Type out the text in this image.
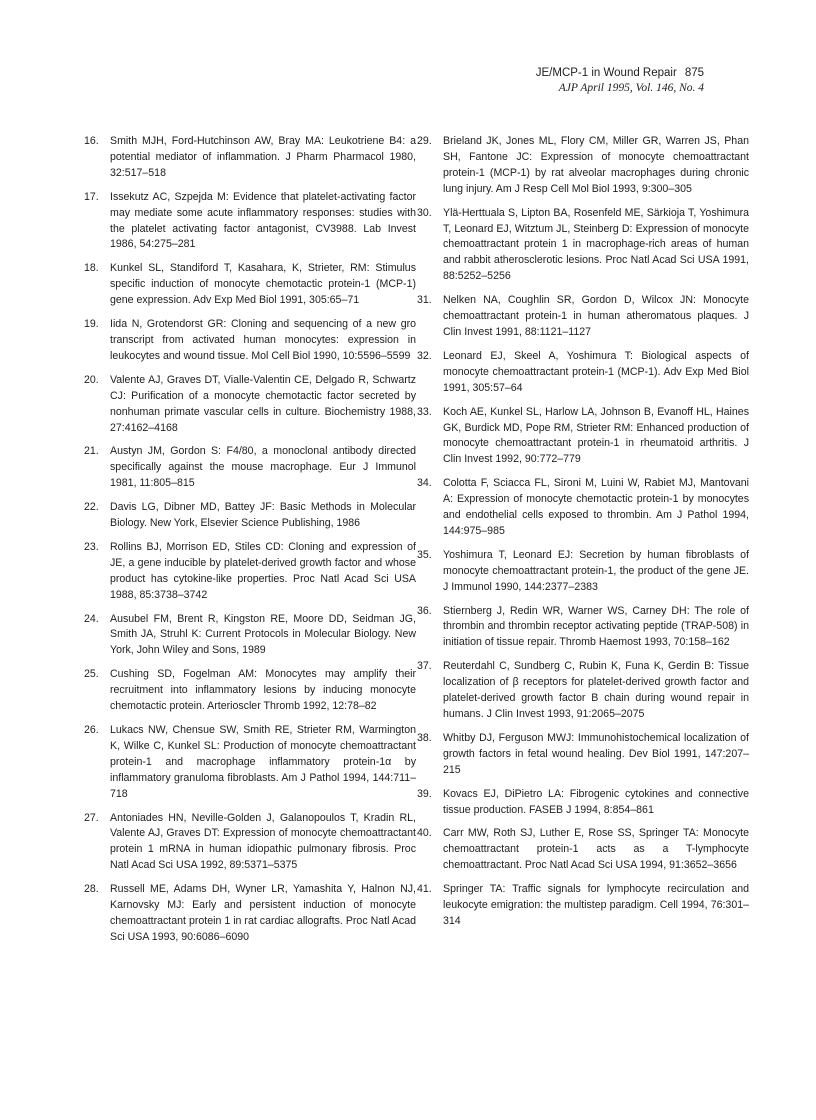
JE/MCP-1 in Wound Repair 875
AJP April 1995, Vol. 146, No. 4
16. Smith MJH, Ford-Hutchinson AW, Bray MA: Leukotriene B4: a potential mediator of inflammation. J Pharm Pharmacol 1980, 32:517–518
17. Issekutz AC, Szpejda M: Evidence that platelet-activating factor may mediate some acute inflammatory responses: studies with the platelet activating factor antagonist, CV3988. Lab Invest 1986, 54:275–281
18. Kunkel SL, Standiford T, Kasahara, K, Strieter, RM: Stimulus specific induction of monocyte chemotactic protein-1 (MCP-1) gene expression. Adv Exp Med Biol 1991, 305:65–71
19. Iida N, Grotendorst GR: Cloning and sequencing of a new gro transcript from activated human monocytes: expression in leukocytes and wound tissue. Mol Cell Biol 1990, 10:5596–5599
20. Valente AJ, Graves DT, Vialle-Valentin CE, Delgado R, Schwartz CJ: Purification of a monocyte chemotactic factor secreted by nonhuman primate vascular cells in culture. Biochemistry 1988, 27:4162–4168
21. Austyn JM, Gordon S: F4/80, a monoclonal antibody directed specifically against the mouse macrophage. Eur J Immunol 1981, 11:805–815
22. Davis LG, Dibner MD, Battey JF: Basic Methods in Molecular Biology. New York, Elsevier Science Publishing, 1986
23. Rollins BJ, Morrison ED, Stiles CD: Cloning and expression of JE, a gene inducible by platelet-derived growth factor and whose product has cytokine-like properties. Proc Natl Acad Sci USA 1988, 85:3738–3742
24. Ausubel FM, Brent R, Kingston RE, Moore DD, Seidman JG, Smith JA, Struhl K: Current Protocols in Molecular Biology. New York, John Wiley and Sons, 1989
25. Cushing SD, Fogelman AM: Monocytes may amplify their recruitment into inflammatory lesions by inducing monocyte chemotactic protein. Arterioscler Thromb 1992, 12:78–82
26. Lukacs NW, Chensue SW, Smith RE, Strieter RM, Warmington K, Wilke C, Kunkel SL: Production of monocyte chemoattractant protein-1 and macrophage inflammatory protein-1α by inflammatory granuloma fibroblasts. Am J Pathol 1994, 144:711–718
27. Antoniades HN, Neville-Golden J, Galanopoulos T, Kradin RL, Valente AJ, Graves DT: Expression of monocyte chemoattractant protein 1 mRNA in human idiopathic pulmonary fibrosis. Proc Natl Acad Sci USA 1992, 89:5371–5375
28. Russell ME, Adams DH, Wyner LR, Yamashita Y, Halnon NJ, Karnovsky MJ: Early and persistent induction of monocyte chemoattractant protein 1 in rat cardiac allografts. Proc Natl Acad Sci USA 1993, 90:6086–6090
29. Brieland JK, Jones ML, Flory CM, Miller GR, Warren JS, Phan SH, Fantone JC: Expression of monocyte chemoattractant protein-1 (MCP-1) by rat alveolar macrophages during chronic lung injury. Am J Resp Cell Mol Biol 1993, 9:300–305
30. Ylä-Herttuala S, Lipton BA, Rosenfeld ME, Särkioja T, Yoshimura T, Leonard EJ, Witztum JL, Steinberg D: Expression of monocyte chemoattractant protein 1 in macrophage-rich areas of human and rabbit atherosclerotic lesions. Proc Natl Acad Sci USA 1991, 88:5252–5256
31. Nelken NA, Coughlin SR, Gordon D, Wilcox JN: Monocyte chemoattractant protein-1 in human atheromatous plaques. J Clin Invest 1991, 88:1121–1127
32. Leonard EJ, Skeel A, Yoshimura T: Biological aspects of monocyte chemoattractant protein-1 (MCP-1). Adv Exp Med Biol 1991, 305:57–64
33. Koch AE, Kunkel SL, Harlow LA, Johnson B, Evanoff HL, Haines GK, Burdick MD, Pope RM, Strieter RM: Enhanced production of monocyte chemoattractant protein-1 in rheumatoid arthritis. J Clin Invest 1992, 90:772–779
34. Colotta F, Sciacca FL, Sironi M, Luini W, Rabiet MJ, Mantovani A: Expression of monocyte chemotactic protein-1 by monocytes and endothelial cells exposed to thrombin. Am J Pathol 1994, 144:975–985
35. Yoshimura T, Leonard EJ: Secretion by human fibroblasts of monocyte chemoattractant protein-1, the product of the gene JE. J Immunol 1990, 144:2377–2383
36. Stiernberg J, Redin WR, Warner WS, Carney DH: The role of thrombin and thrombin receptor activating peptide (TRAP-508) in initiation of tissue repair. Thromb Haemost 1993, 70:158–162
37. Reuterdahl C, Sundberg C, Rubin K, Funa K, Gerdin B: Tissue localization of β receptors for platelet-derived growth factor and platelet-derived growth factor B chain during wound repair in humans. J Clin Invest 1993, 91:2065–2075
38. Whitby DJ, Ferguson MWJ: Immunohistochemical localization of growth factors in fetal wound healing. Dev Biol 1991, 147:207–215
39. Kovacs EJ, DiPietro LA: Fibrogenic cytokines and connective tissue production. FASEB J 1994, 8:854–861
40. Carr MW, Roth SJ, Luther E, Rose SS, Springer TA: Monocyte chemoattractant protein-1 acts as a T-lymphocyte chemoattractant. Proc Natl Acad Sci USA 1994, 91:3652–3656
41. Springer TA: Traffic signals for lymphocyte recirculation and leukocyte emigration: the multistep paradigm. Cell 1994, 76:301–314
